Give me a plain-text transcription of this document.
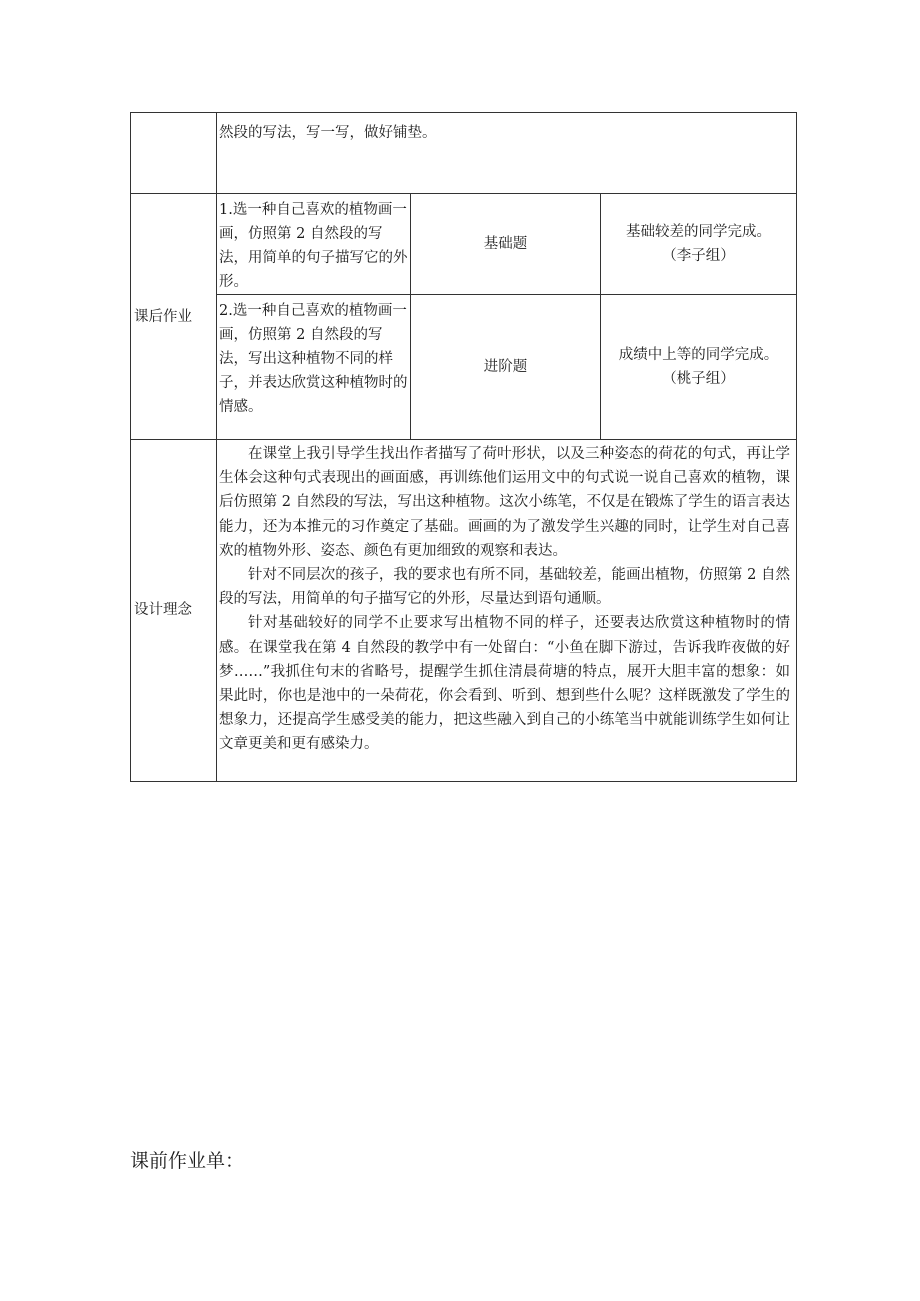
	然段的写法，写一写，做好铺垫。		
课后作业	1.选一种自己喜欢的植物画一画，仿照第 2 自然段的写法，用简单的句子描写它的外形。	基础题	基础较差的同学完成。
（李子组）

	2.选一种自己喜欢的植物画一画，仿照第 2 自然段的写法，写出这种植物不同的样子，并表达欣赏这种植物时的情感。	进阶题	成绩中上等的同学完成。
（桃子组）

设计理念	在课堂上我引导学生找出作者描写了荷叶形状，以及三种姿态的荷花的句式，再让学生体会这种句式表现出的画面感，再训练他们运用文中的句式说一说自己喜欢的植物，课后仿照第 2 自然段的写法，写出这种植物。这次小练笔，不仅是在锻炼了学生的语言表达能力，还为本推元的习作奠定了基础。画画的为了激发学生兴趣的同时，让学生对自己喜欢的植物外形、姿态、颜色有更加细致的观察和表达。

针对不同层次的孩子，我的要求也有所不同，基础较差，能画出植物，仿照第 2 自然段的写法，用简单的句子描写它的外形，尽量达到语句通顺。

针对基础较好的同学不止要求写出植物不同的样子，还要表达欣赏这种植物时的情感。在课堂我在第 4 自然段的教学中有一处留白：“小鱼在脚下游过，告诉我昨夜做的好梦……”我抓住句末的省略号，提醒学生抓住清晨荷塘的特点，展开大胆丰富的想象：如果此时，你也是池中的一朵荷花，你会看到、听到、想到些什么呢？这样既激发了学生的想象力，还提高学生感受美的能力，把这些融入到自己的小练笔当中就能训练学生如何让文章更美和更有感染力。		

课前作业单：
